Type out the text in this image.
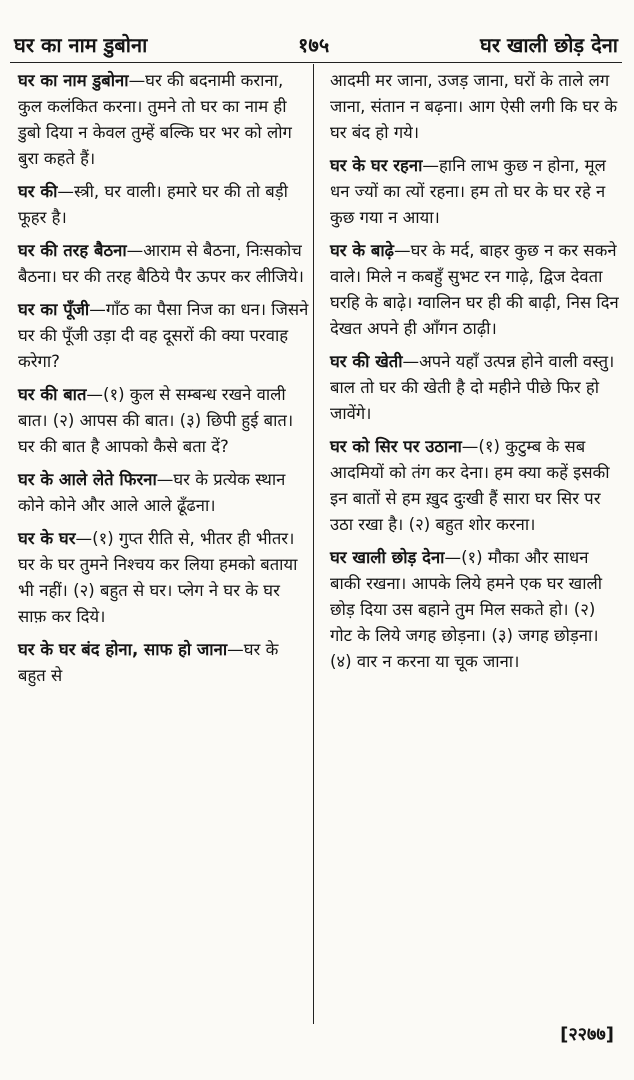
घर का नाम डुबोना	१७५	घर खाली छोड़ देना

घर का नाम डुबोना—घर की बदनामी कराना, कुल कलंकित करना। तुमने तो घर का नाम ही डुबो दिया न केवल तुम्हें बल्कि घर भर को लोग बुरा कहते हैं।

घर की—स्त्री, घर वाली। हमारे घर की तो बड़ी फूहर है।

घर की तरह बैठना—आराम से बैठना, निःसकोच बैठना। घर की तरह बैठिये पैर ऊपर कर लीजिये।

घर का पूँजी—गाँठ का पैसा निज का धन। जिसने घर की पूँजी उड़ा दी वह दूसरों की क्या परवाह करेगा?

घर की बात—(१) कुल से सम्बन्ध रखने वाली बात। (२) आपस की बात। (३) छिपी हुई बात। घर की बात है आपको कैसे बता दें?

घर के आले लेते फिरना—घर के प्रत्येक स्थान कोने कोने और आले आले ढूँढना।

घर के घर—(१) गुप्त रीति से, भीतर ही भीतर। घर के घर तुमने निश्चय कर लिया हमको बताया भी नहीं। (२) बहुत से घर। प्लेग ने घर के घर साफ़ कर दिये।

घर के घर बंद होना, साफ हो जाना—घर के बहुत से

आदमी मर जाना, उजड़ जाना, घरों के ताले लग जाना, संतान न बढ़ना। आग ऐसी लगी कि घर के घर बंद हो गये।

घर के घर रहना—हानि लाभ कुछ न होना, मूल धन ज्यों का त्यों रहना। हम तो घर के घर रहे न कुछ गया न आया।

घर के बाढ़े—घर के मर्द, बाहर कुछ न कर सकने वाले। मिले न कबहुँ सुभट रन गाढ़े, द्विज देवता घरहि के बाढ़े। ग्वालिन घर ही की बाढ़ी, निस दिन देखत अपने ही आँगन ठाढ़ी।

घर की खेती—अपने यहाँ उत्पन्न होने वाली वस्तु। बाल तो घर की खेती है दो महीने पीछे फिर हो जावेंगे।

घर को सिर पर उठाना—(१) कुटुम्ब के सब आदमियों को तंग कर देना। हम क्या कहें इसकी इन बातों से हम ख़ुद दुःखी हैं सारा घर सिर पर उठा रखा है। (२) बहुत शोर करना।

घर खाली छोड़ देना—(१) मौका और साधन बाकी रखना। आपके लिये हमने एक घर खाली छोड़ दिया उस बहाने तुम मिल सकते हो। (२) गोट के लिये जगह छोड़ना। (३) जगह छोड़ना। (४) वार न करना या चूक जाना।

[२२७७]
